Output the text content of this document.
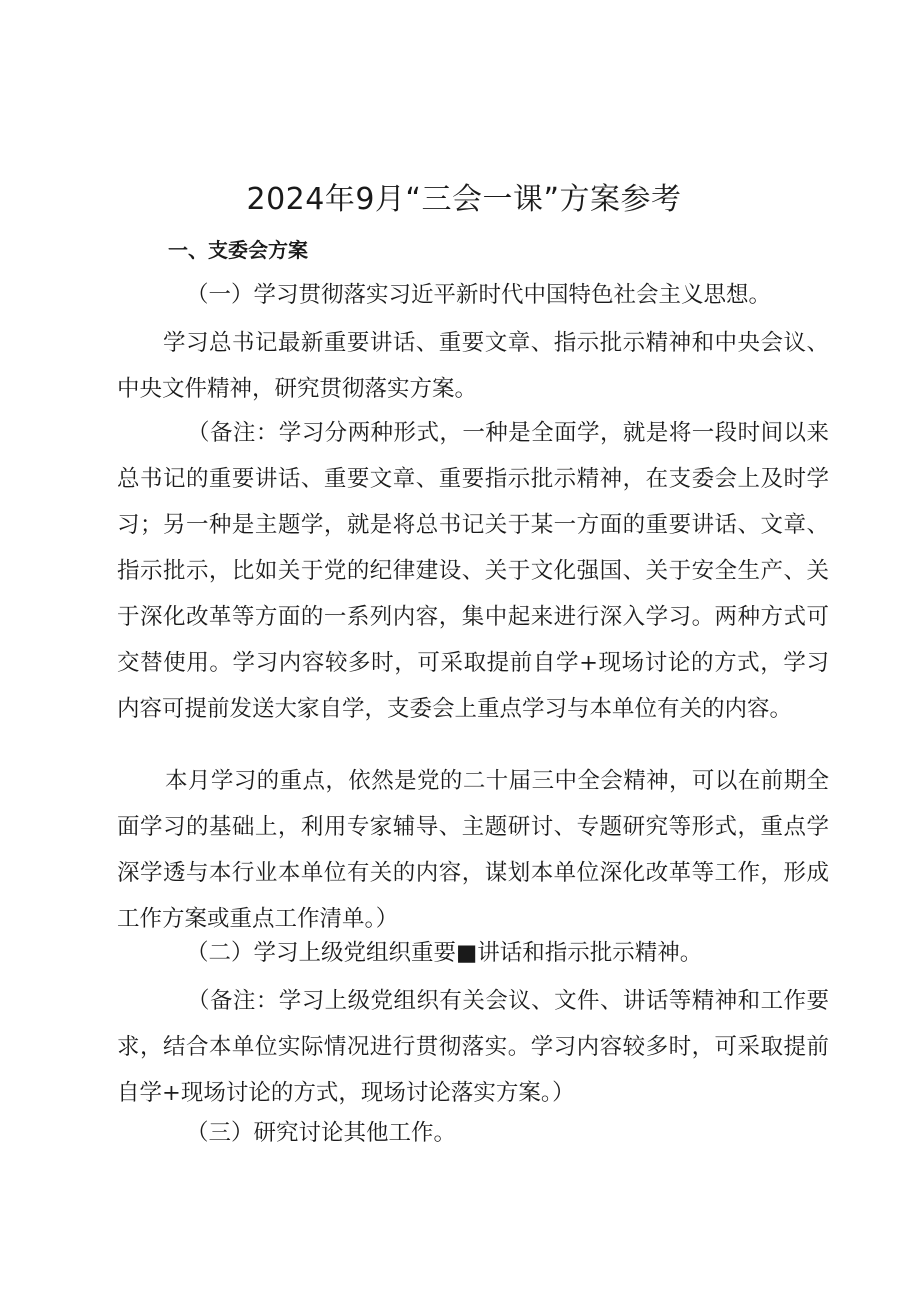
2024年9月“三会一课”方案参考
一、支委会方案

（一）学习贯彻落实习近平新时代中国特色社会主义思想。

学习总书记最新重要讲话、重要文章、指示批示精神和中央会议、中央文件精神，研究贯彻落实方案。

（备注：学习分两种形式，一种是全面学，就是将一段时间以来总书记的重要讲话、重要文章、重要指示批示精神，在支委会上及时学习；另一种是主题学，就是将总书记关于某一方面的重要讲话、文章、指示批示，比如关于党的纪律建设、关于文化强国、关于安全生产、关于深化改革等方面的一系列内容，集中起来进行深入学习。两种方式可交替使用。学习内容较多时，可采取提前自学+现场讨论的方式，学习内容可提前发送大家自学，支委会上重点学习与本单位有关的内容。

本月学习的重点，依然是党的二十届三中全会精神，可以在前期全面学习的基础上，利用专家辅导、主题研讨、专题研究等形式，重点学深学透与本行业本单位有关的内容，谋划本单位深化改革等工作，形成工作方案或重点工作清单。）

（二）学习上级党组织重要■讲话和指示批示精神。

（备注：学习上级党组织有关会议、文件、讲话等精神和工作要求，结合本单位实际情况进行贯彻落实。学习内容较多时，可采取提前自学+现场讨论的方式，现场讨论落实方案。）

（三）研究讨论其他工作。
